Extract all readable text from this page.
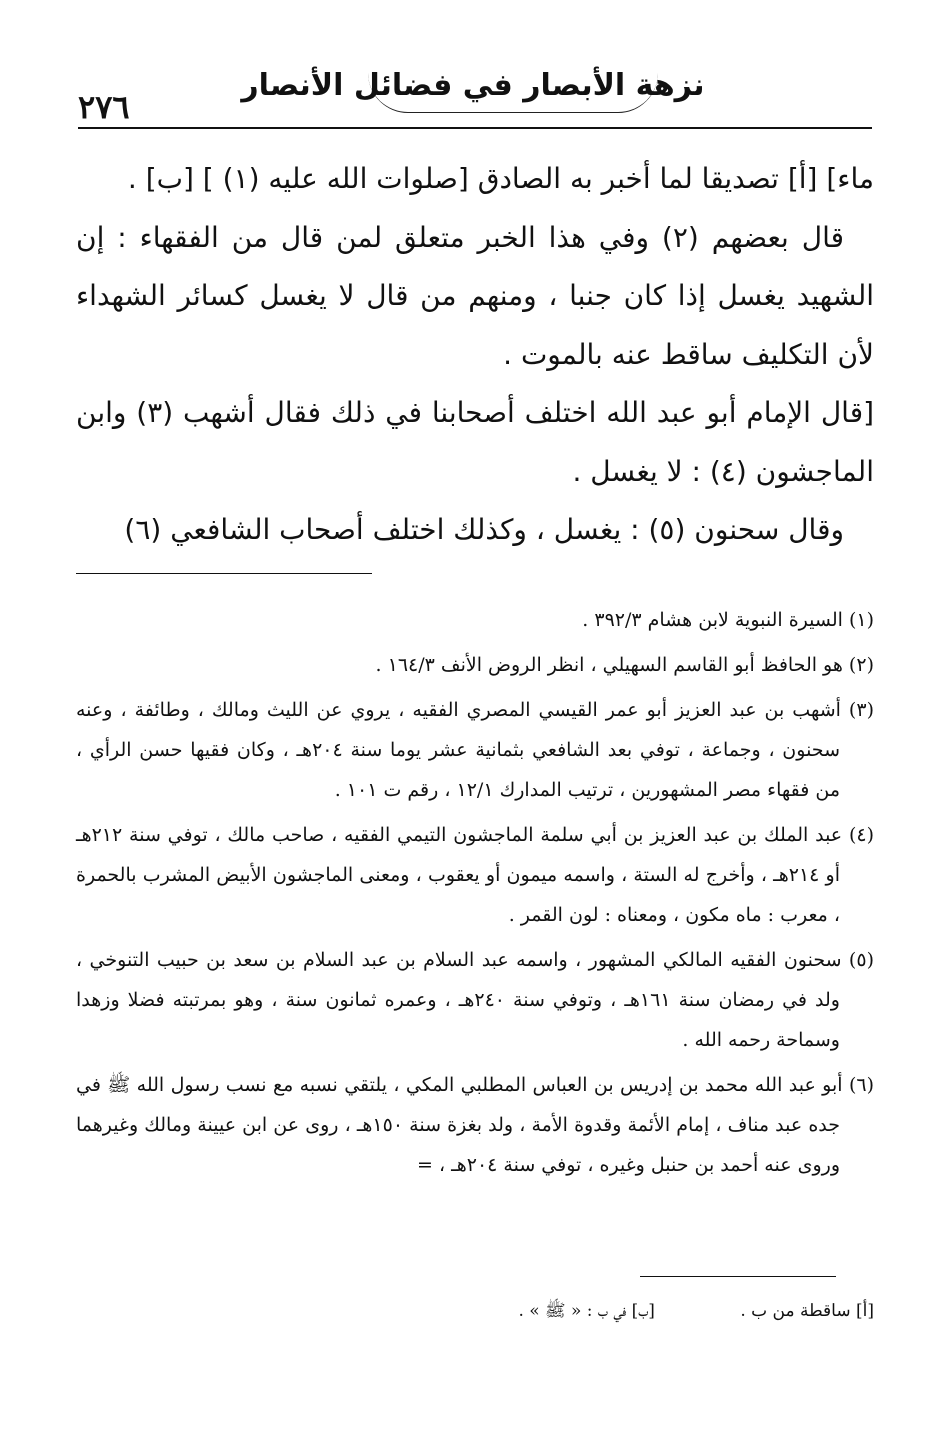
٢٧٦
نزهة الأبصار في فضائل الأنصار

ماء] [أ] تصديقا لما أخبر به الصادق [صلوات الله عليه (١) ] [ب] .

قال بعضهم (٢) وفي هذا الخبر متعلق لمن قال من الفقهاء : إن الشهيد يغسل إذا كان جنبا ، ومنهم من قال لا يغسل كسائر الشهداء لأن التكليف ساقط عنه بالموت .

[قال الإمام أبو عبد الله اختلف أصحابنا في ذلك فقال أشهب (٣) وابن الماجشون (٤) : لا يغسل .

وقال سحنون (٥) : يغسل ، وكذلك اختلف أصحاب الشافعي (٦)

(١) السيرة النبوية لابن هشام ٣٩٢/٣ .

(٢) هو الحافظ أبو القاسم السهيلي ، انظر الروض الأنف ١٦٤/٣ .

(٣) أشهب بن عبد العزيز أبو عمر القيسي المصري الفقيه ، يروي عن الليث ومالك ، وطائفة ، وعنه سحنون ، وجماعة ، توفي بعد الشافعي بثمانية عشر يوما سنة ٢٠٤هـ ، وكان فقيها حسن الرأي ، من فقهاء مصر المشهورين ، ترتيب المدارك ١٢/١ ، رقم ت ١٠١ .

(٤) عبد الملك بن عبد العزيز بن أبي سلمة الماجشون التيمي الفقيه ، صاحب مالك ، توفي سنة ٢١٢هـ أو ٢١٤هـ ، وأخرج له الستة ، واسمه ميمون أو يعقوب ، ومعنى الماجشون الأبيض المشرب بالحمرة ، معرب : ماه مكون ، ومعناه : لون القمر .

(٥) سحنون الفقيه المالكي المشهور ، واسمه عبد السلام بن عبد السلام بن سعد بن حبيب التنوخي ، ولد في رمضان سنة ١٦١هـ ، وتوفي سنة ٢٤٠هـ ، وعمره ثمانون سنة ، وهو بمرتبته فضلا وزهدا وسماحة رحمه الله .

(٦) أبو عبد الله محمد بن إدريس بن العباس المطلبي المكي ، يلتقي نسبه مع نسب رسول الله ﷺ في جده عبد مناف ، إمام الأئمة وقدوة الأمة ، ولد بغزة سنة ١٥٠هـ ، روى عن ابن عيينة ومالك وغيرهما وروى عنه أحمد بن حنبل وغيره ، توفي سنة ٢٠٤هـ ، =

[أ] ساقطة من ب . [ب] في ب : « ﷺ » .
